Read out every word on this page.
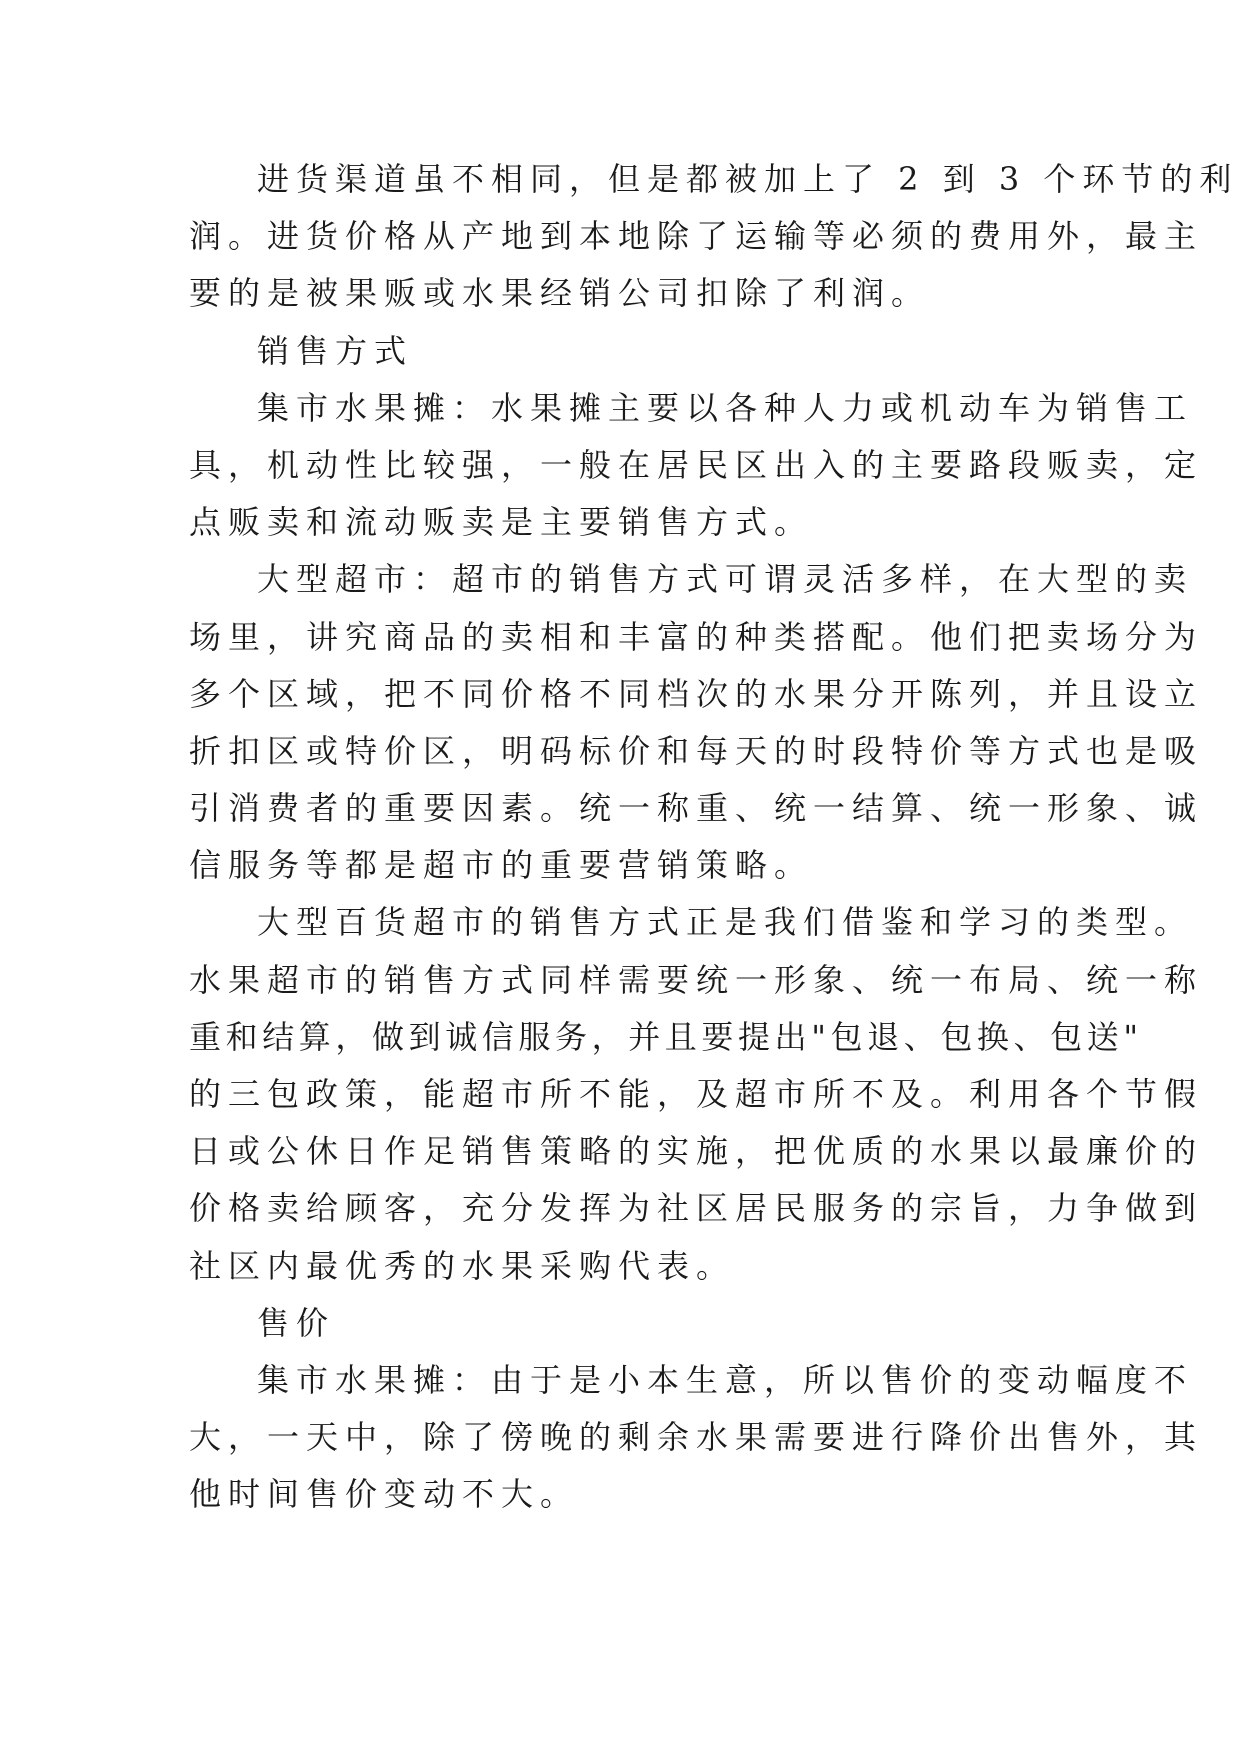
进货渠道虽不相同，但是都被加上了 2 到 3 个环节的利
润。进货价格从产地到本地除了运输等必须的费用外，最主
要的是被果贩或水果经销公司扣除了利润。
销售方式
集市水果摊：水果摊主要以各种人力或机动车为销售工
具，机动性比较强，一般在居民区出入的主要路段贩卖，定
点贩卖和流动贩卖是主要销售方式。
大型超市：超市的销售方式可谓灵活多样，在大型的卖
场里，讲究商品的卖相和丰富的种类搭配。他们把卖场分为
多个区域，把不同价格不同档次的水果分开陈列，并且设立
折扣区或特价区，明码标价和每天的时段特价等方式也是吸
引消费者的重要因素。统一称重、统一结算、统一形象、诚
信服务等都是超市的重要营销策略。
大型百货超市的销售方式正是我们借鉴和学习的类型。
水果超市的销售方式同样需要统一形象、统一布局、统一称
重和结算，做到诚信服务，并且要提出"包退、包换、包送"
的三包政策，能超市所不能，及超市所不及。利用各个节假
日或公休日作足销售策略的实施，把优质的水果以最廉价的
价格卖给顾客，充分发挥为社区居民服务的宗旨，力争做到
社区内最优秀的水果采购代表。
售价
集市水果摊：由于是小本生意，所以售价的变动幅度不
大，一天中，除了傍晚的剩余水果需要进行降价出售外，其
他时间售价变动不大。
